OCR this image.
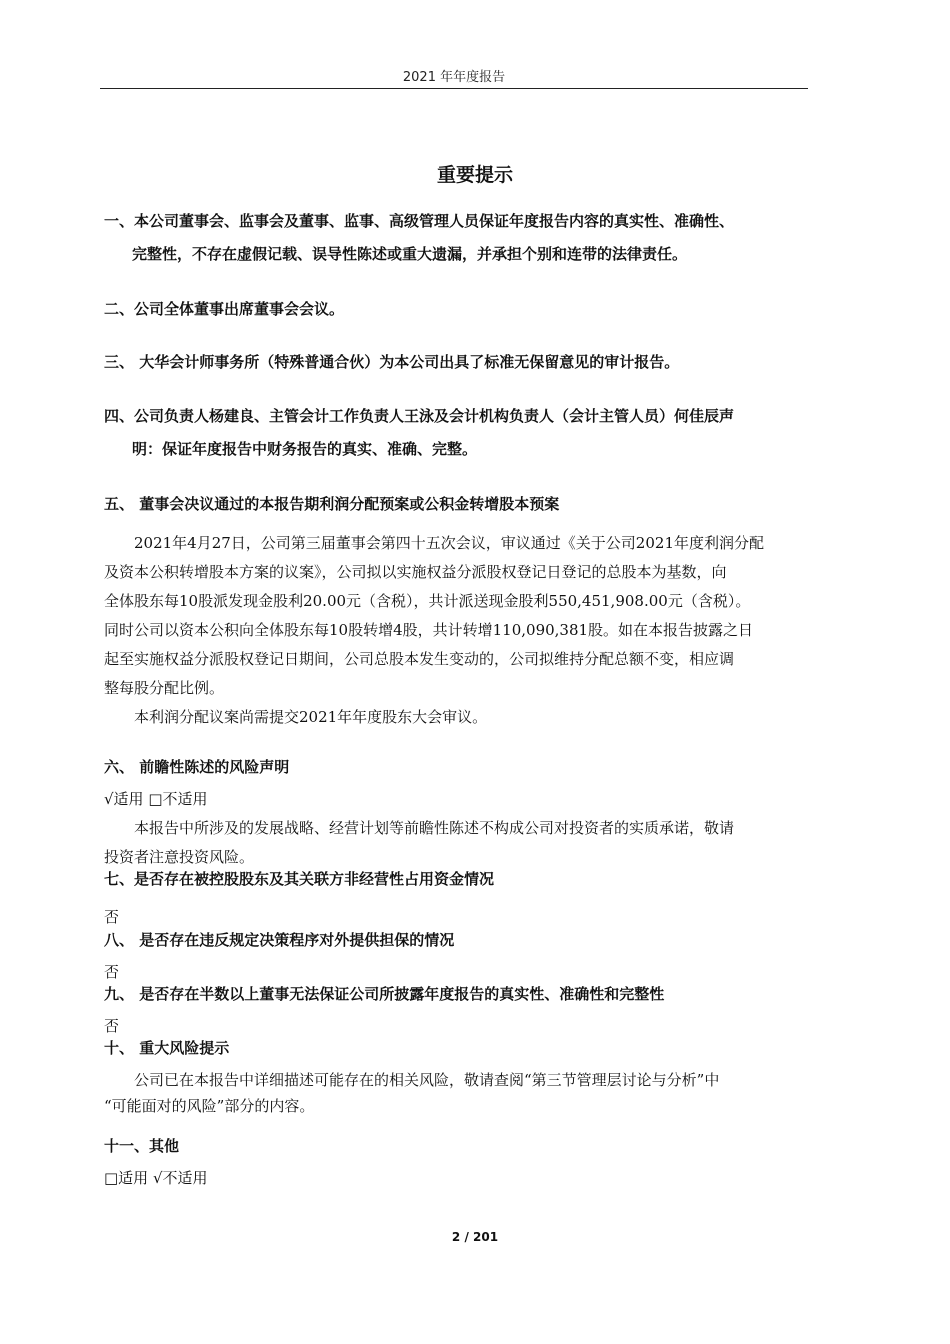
2021 年年度报告
重要提示
一、本公司董事会、监事会及董事、监事、高级管理人员保证年度报告内容的真实性、准确性、
完整性，不存在虚假记载、误导性陈述或重大遗漏，并承担个别和连带的法律责任。
二、公司全体董事出席董事会会议。
三、 大华会计师事务所（特殊普通合伙）为本公司出具了标准无保留意见的审计报告。
四、公司负责人杨建良、主管会计工作负责人王泳及会计机构负责人（会计主管人员）何佳辰声
明：保证年度报告中财务报告的真实、准确、完整。
五、 董事会决议通过的本报告期利润分配预案或公积金转增股本预案
2021年4月27日，公司第三届董事会第四十五次会议，审议通过《关于公司2021年度利润分配
及资本公积转增股本方案的议案》，公司拟以实施权益分派股权登记日登记的总股本为基数，向
全体股东每10股派发现金股利20.00元（含税），共计派送现金股利550,451,908.00元（含税）。
同时公司以资本公积向全体股东每10股转增4股，共计转增110,090,381股。如在本报告披露之日
起至实施权益分派股权登记日期间，公司总股本发生变动的，公司拟维持分配总额不变，相应调
整每股分配比例。
本利润分配议案尚需提交2021年年度股东大会审议。
六、 前瞻性陈述的风险声明
√适用 □不适用
本报告中所涉及的发展战略、经营计划等前瞻性陈述不构成公司对投资者的实质承诺，敬请
投资者注意投资风险。
七、是否存在被控股股东及其关联方非经营性占用资金情况
否
八、 是否存在违反规定决策程序对外提供担保的情况
否
九、 是否存在半数以上董事无法保证公司所披露年度报告的真实性、准确性和完整性
否
十、 重大风险提示
公司已在本报告中详细描述可能存在的相关风险，敬请查阅“第三节管理层讨论与分析”中
“可能面对的风险”部分的内容。
十一、其他
□适用 √不适用
2 / 201
